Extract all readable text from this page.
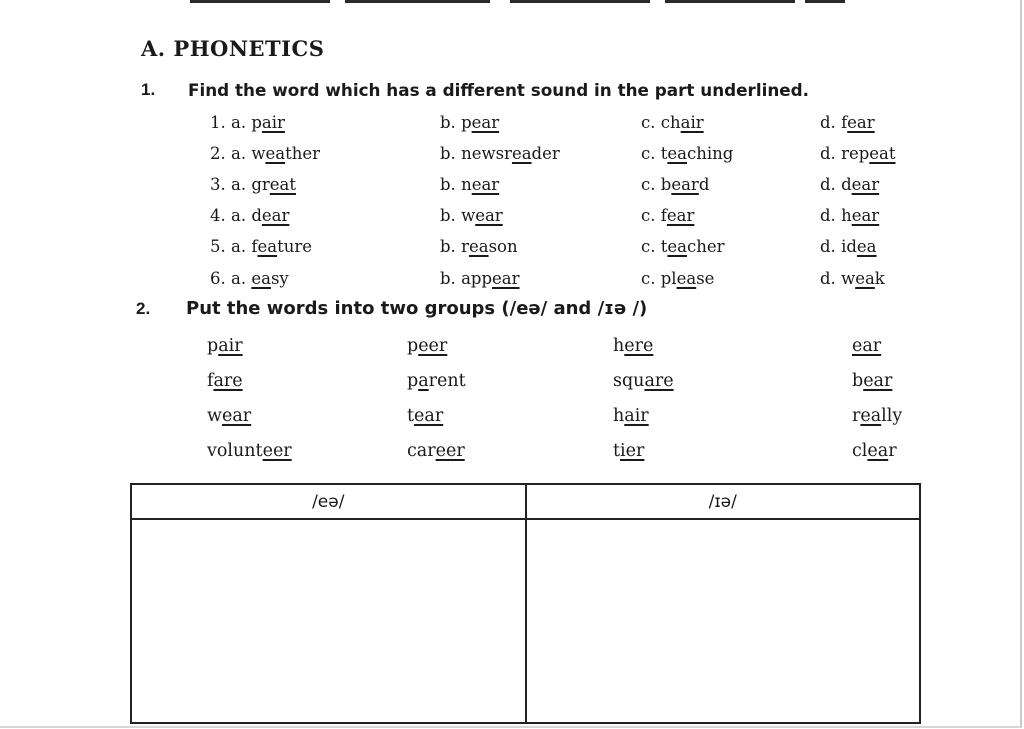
A. PHONETICS
1. Find the word which has a different sound in the part underlined.
1. a. pair	b. pear	c. chair	d. fear
2. a. weather	b. newsreader	c. teaching	d. repeat
3. a. great	b. near	c. beard	d. dear
4. a. dear	b. wear	c. fear	d. hear
5. a. feature	b. reason	c. teacher	d. idea
6. a. easy	b. appear	c. please	d. weak
2. Put the words into two groups (/eə/ and /ɪə /)
pair	peer	here	ear
fare	parent	square	bear
wear	tear	hair	really
volunteer	career	tier	clear
/eə/	/ɪə/
